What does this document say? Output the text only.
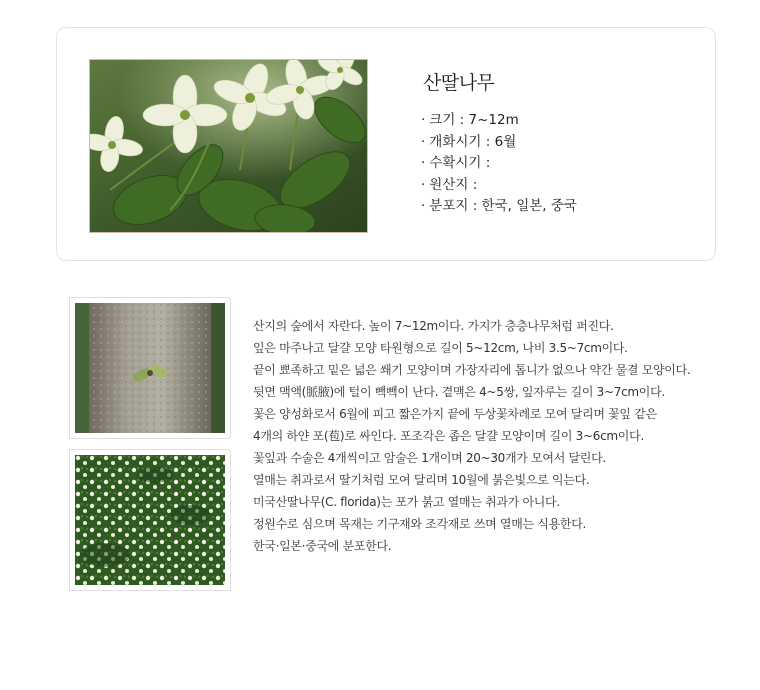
산딸나무
· 크기 : 7~12m
· 개화시기 : 6월
· 수확시기 :
· 원산지 :
· 분포지 : 한국, 일본, 중국
산지의 숲에서 자란다. 높이 7~12m이다. 가지가 층층나무처럼 퍼진다.
잎은 마주나고 달걀 모양 타원형으로 길이 5~12cm, 나비 3.5~7cm이다.
끝이 뾰족하고 밑은 넓은 쐐기 모양이며 가장자리에 톱니가 없으나 약간 물결 모양이다.
뒷면 맥액(脈腋)에 털이 빽빽이 난다. 곁맥은 4~5쌍, 잎자루는 길이 3~7cm이다.
꽃은 양성화로서 6월에 피고 짧은가지 끝에 두상꽃차례로 모여 달리며 꽃잎 같은
4개의 하얀 포(苞)로 싸인다. 포조각은 좁은 달걀 모양이며 길이 3~6cm이다.
꽃잎과 수술은 4개씩이고 암술은 1개이며 20~30개가 모여서 달린다.
열매는 취과로서 딸기처럼 모여 달리며 10월에 붉은빛으로 익는다.
미국산딸나무(C. florida)는 포가 붉고 열매는 취과가 아니다.
정원수로 심으며 목재는 기구재와 조각재로 쓰며 열매는 식용한다.
한국·일본·중국에 분포한다.
